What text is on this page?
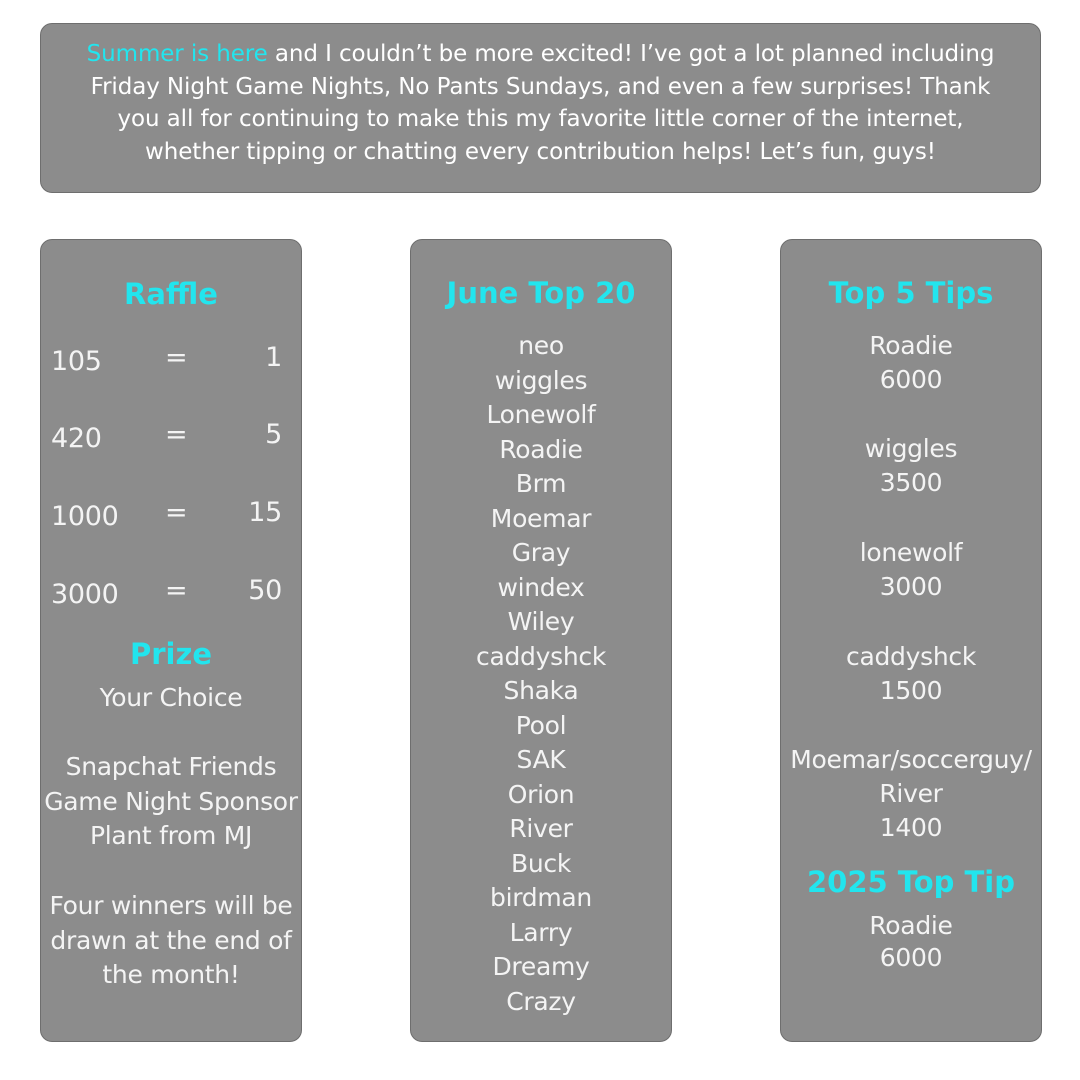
Summer is here and I couldn’t be more excited! I’ve got a lot planned including Friday Night Game Nights, No Pants Sundays, and even a few surprises! Thank you all for continuing to make this my favorite little corner of the internet, whether tipping or chatting every contribution helps! Let’s fun, guys!

Raffle
105 =	1
420 =	5
1000 = 15
3000 = 50
Prize
Your Choice

Snapchat Friends
Game Night Sponsor
Plant from MJ
Four winners will be
drawn at the end of
the month!
June Top 20
neo
wiggles
Lonewolf
Roadie
Brm
Moemar
Gray
windex
Wiley
caddyshck
Shaka
Pool
SAK
Orion
River
Buck
birdman
Larry
Dreamy
Crazy
Top 5 Tips
Roadie
6000
wiggles
3500
lonewolf
3000
caddyshck
1500
Moemar/soccerguy/
River
1400
2025 Top Tip
Roadie
6000
